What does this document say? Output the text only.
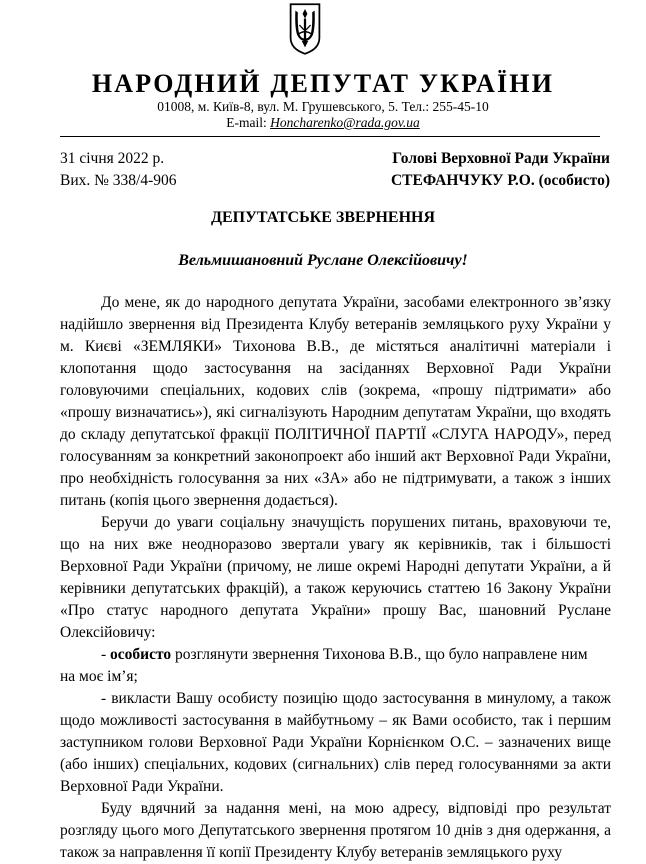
НАРОДНИЙ ДЕПУТАТ УКРАЇНИ
01008, м. Київ-8, вул. М. Грушевського, 5. Тел.: 255-45-10
E-mail: Honcharenko@rada.gov.ua
31 січня 2022 р.
Вих. № 338/4-906
Голові Верховної Ради України
СТЕФАНЧУКУ Р.О. (особисто)
ДЕПУТАТСЬКЕ ЗВЕРНЕННЯ
Вельмишановний Руслане Олексійовичу!

До мене, як до народного депутата України, засобами електронного зв’язку надійшло звернення від Президента Клубу ветеранів земляцького руху України у м. Києві «ЗЕМЛЯКИ» Тихонова В.В., де містяться аналітичні матеріали і клопотання щодо застосування на засіданнях Верховної Ради України головуючими спеціальних, кодових слів (зокрема, «прошу підтримати» або «прошу визначатись»), які сигналізують Народним депутатам України, що входять до складу депутатської фракції ПОЛІТИЧНОЇ ПАРТІЇ «СЛУГА НАРОДУ», перед голосуванням за конкретний законопроект або інший акт Верховної Ради України, про необхідність голосування за них «ЗА» або не підтримувати, а також з інших питань (копія цього звернення додається).

Беручи до уваги соціальну значущість порушених питань, враховуючи те, що на них вже неодноразово звертали увагу як керівників, так і більшості Верховної Ради України (причому, не лише окремі Народні депутати України, а й керівники депутатських фракцій), а також керуючись статтею 16 Закону України «Про статус народного депутата України» прошу Вас, шановний Руслане Олексійовичу:

- особисто розглянути звернення Тихонова В.В., що було направлене ним

на моє ім’я;

- викласти Вашу особисту позицію щодо застосування в минулому, а також щодо можливості застосування в майбутньому – як Вами особисто, так і першим заступником голови Верховної Ради України Корнієнком О.С. – зазначених вище (або інших) спеціальних, кодових (сигнальних) слів перед голосуваннями за акти Верховної Ради України.

Буду вдячний за надання мені, на мою адресу, відповіді про результат розгляду цього мого Депутатського звернення протягом 10 днів з дня одержання, а також за направлення її копії Президенту Клубу ветеранів земляцького руху
